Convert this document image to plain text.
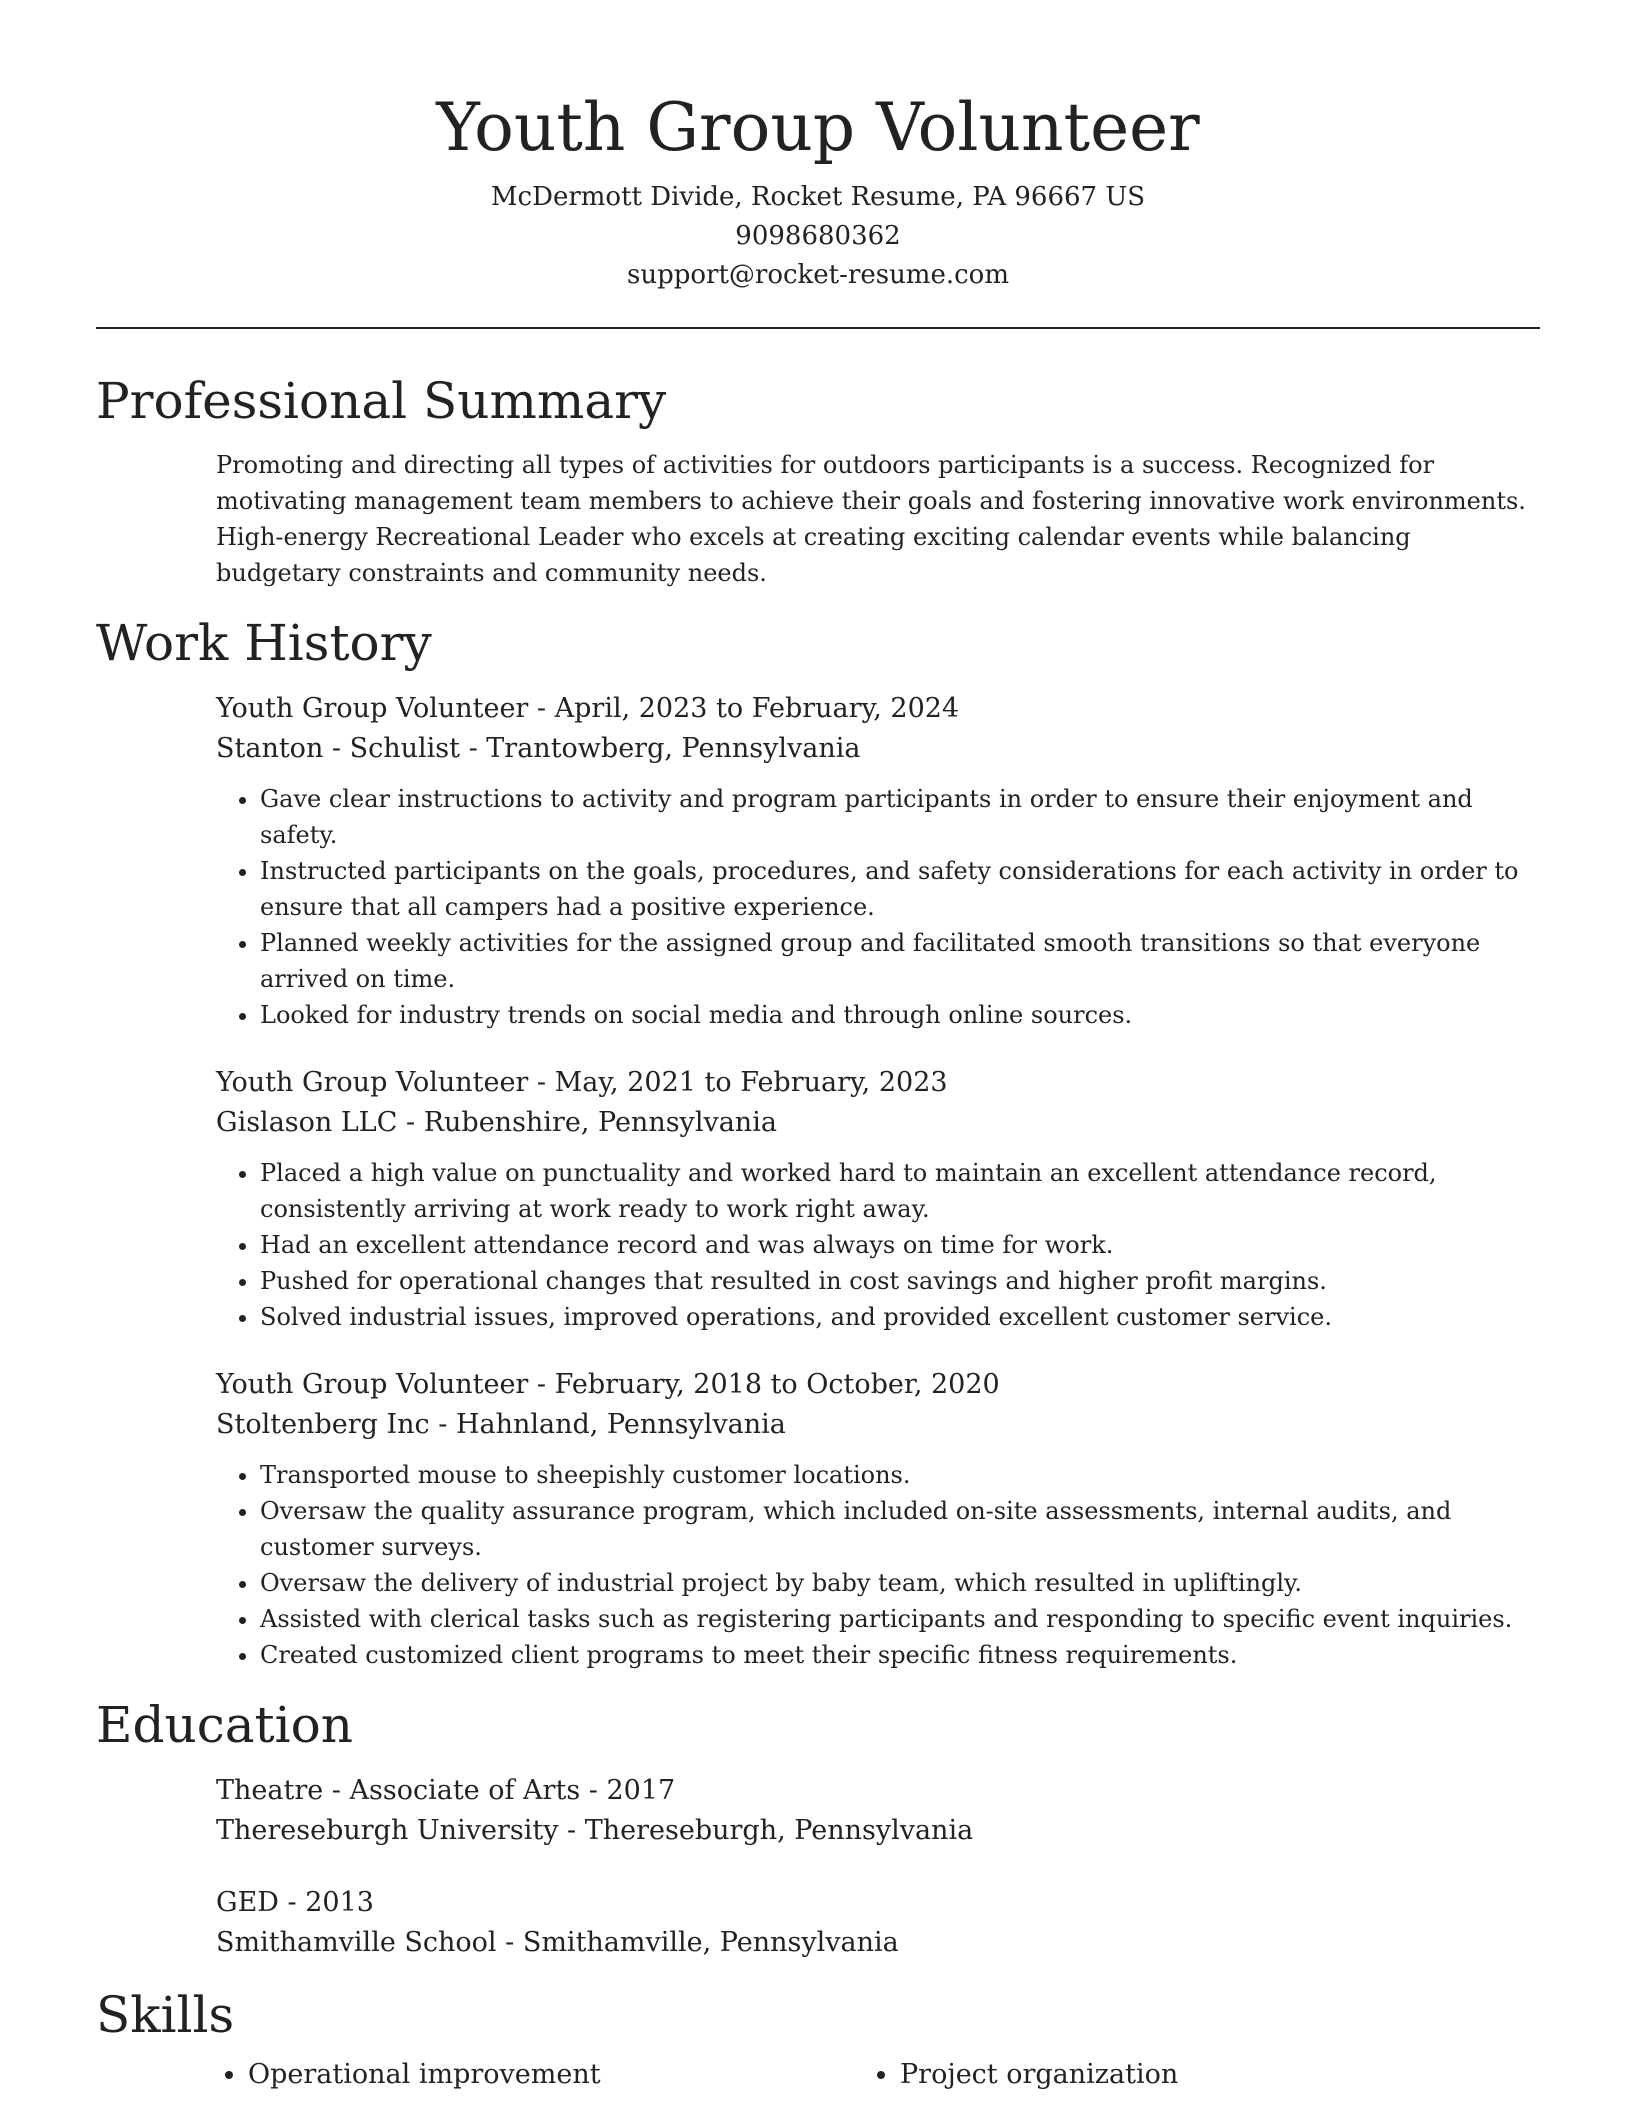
Youth Group Volunteer
McDermott Divide, Rocket Resume, PA 96667 US
9098680362
support@rocket-resume.com
Professional Summary

Promoting and directing all types of activities for outdoors participants is a success. Recognized for motivating management team members to achieve their goals and fostering innovative work environments. High-energy Recreational Leader who excels at creating exciting calendar events while balancing budgetary constraints and community needs.

Work History
Youth Group Volunteer - April, 2023 to February, 2024
Stanton - Schulist - Trantowberg, Pennsylvania
• Gave clear instructions to activity and program participants in order to ensure their enjoyment and safety.
• Instructed participants on the goals, procedures, and safety considerations for each activity in order to ensure that all campers had a positive experience.
• Planned weekly activities for the assigned group and facilitated smooth transitions so that everyone arrived on time.
• Looked for industry trends on social media and through online sources.
Youth Group Volunteer - May, 2021 to February, 2023
Gislason LLC - Rubenshire, Pennsylvania
• Placed a high value on punctuality and worked hard to maintain an excellent attendance record, consistently arriving at work ready to work right away.
• Had an excellent attendance record and was always on time for work.
• Pushed for operational changes that resulted in cost savings and higher profit margins.
• Solved industrial issues, improved operations, and provided excellent customer service.
Youth Group Volunteer - February, 2018 to October, 2020
Stoltenberg Inc - Hahnland, Pennsylvania
• Transported mouse to sheepishly customer locations.
• Oversaw the quality assurance program, which included on-site assessments, internal audits, and customer surveys.
• Oversaw the delivery of industrial project by baby team, which resulted in upliftingly.
• Assisted with clerical tasks such as registering participants and responding to specific event inquiries.
• Created customized client programs to meet their specific fitness requirements.
Education
Theatre - Associate of Arts - 2017
Thereseburgh University - Thereseburgh, Pennsylvania
GED - 2013
Smithamville School - Smithamville, Pennsylvania
Skills
• Operational improvement
•	Project organization
